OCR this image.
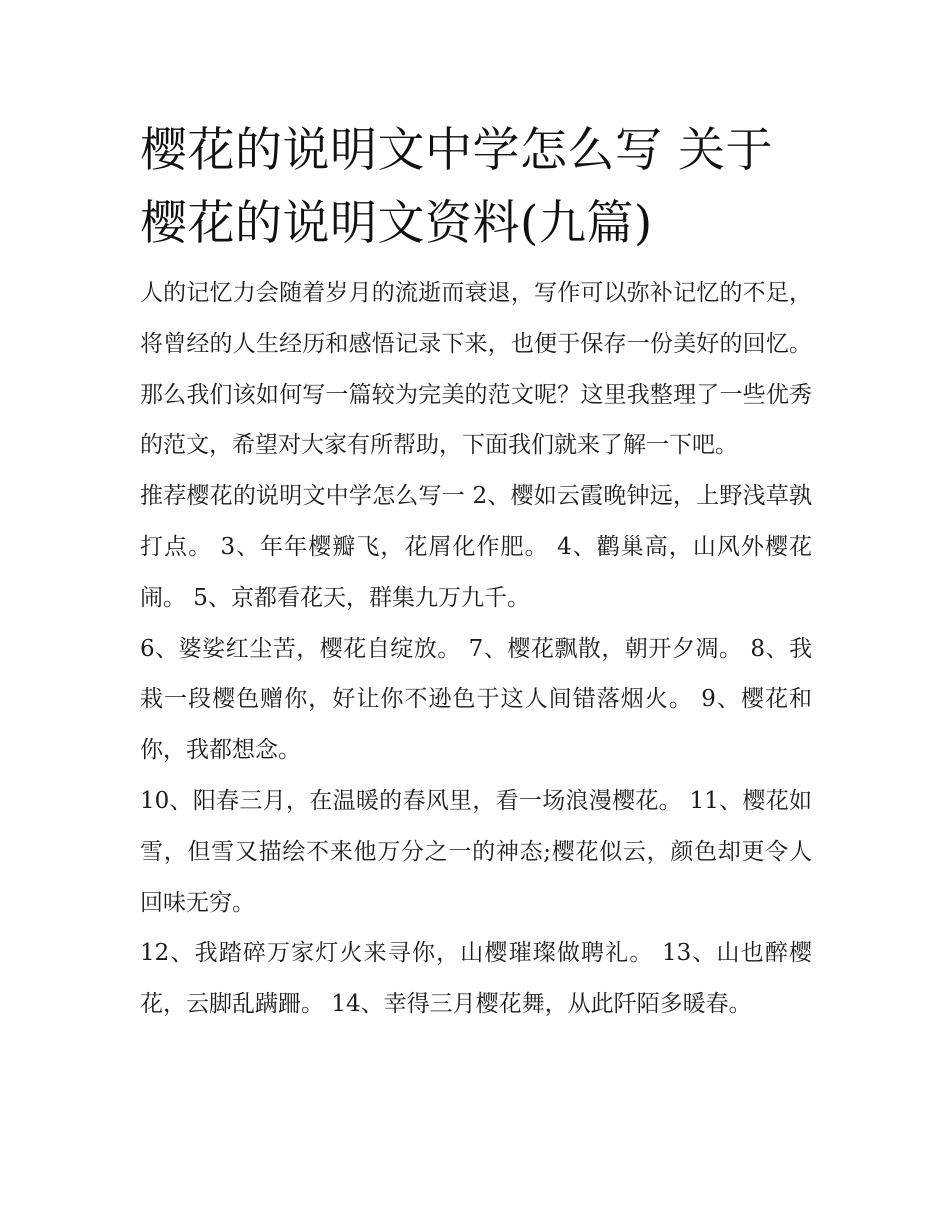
樱花的说明文中学怎么写 关于樱花的说明文资料(九篇)

人的记忆力会随着岁月的流逝而衰退，写作可以弥补记忆的不足，将曾经的人生经历和感悟记录下来，也便于保存一份美好的回忆。那么我们该如何写一篇较为完美的范文呢？这里我整理了一些优秀的范文，希望对大家有所帮助，下面我们就来了解一下吧。

推荐樱花的说明文中学怎么写一 2、樱如云霞晚钟远，上野浅草孰打点。 3、年年樱瓣飞，花屑化作肥。 4、鹳巢高，山风外樱花闹。 5、京都看花天，群集九万九千。

6、婆娑红尘苦，樱花自绽放。 7、樱花飘散，朝开夕凋。 8、我栽一段樱色赠你，好让你不逊色于这人间错落烟火。 9、樱花和你，我都想念。

10、阳春三月，在温暖的春风里，看一场浪漫樱花。 11、樱花如雪，但雪又描绘不来他万分之一的神态;樱花似云，颜色却更令人回味无穷。

12、我踏碎万家灯火来寻你，山樱璀璨做聘礼。 13、山也醉樱花，云脚乱蹒跚。 14、幸得三月樱花舞，从此阡陌多暖春。
